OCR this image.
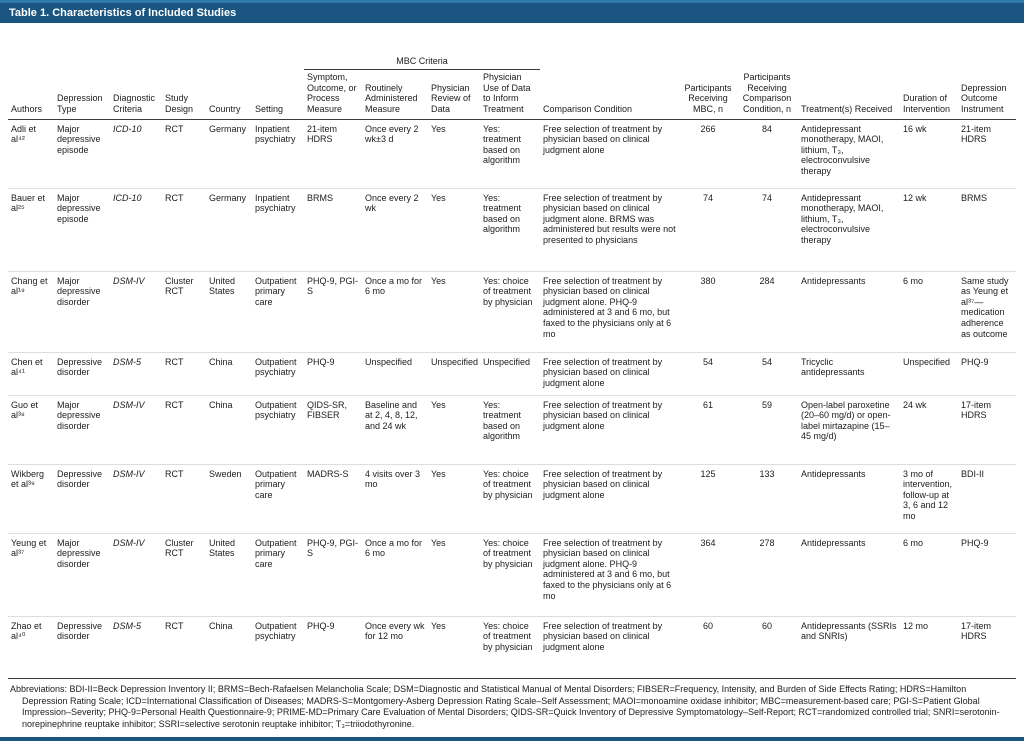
Table 1. Characteristics of Included Studies
Authors	Depression Type	Diagnostic Criteria	Study Design	Country	Setting	MBC Criteria				Comparison Condition	Participants Receiving MBC, n	Participants Receiving Comparison Condition, n	Treatment(s) Received	Duration of Intervention	Depression Outcome Instrument
						Symptom, Outcome, or Process Measure	Routinely Administered Measure	Physician Review of Data	Physician Use of Data to Inform Treatment						
Adli et al⁴²	Major depressive episode	ICD-10	RCT	Germany	Inpatient psychiatry	21-item HDRS	Once every 2 wk±3 d	Yes	Yes: treatment based on algorithm	Free selection of treatment by physician based on clinical judgment alone	266	84	Antidepressant monotherapy, MAOI, lithium, T₃, electroconvulsive therapy	16 wk	21-item HDRS
Bauer et al²⁵	Major depressive episode	ICD-10	RCT	Germany	Inpatient psychiatry	BRMS	Once every 2 wk	Yes	Yes: treatment based on algorithm	Free selection of treatment by physician based on clinical judgment alone. BRMS was administered but results were not presented to physicians	74	74	Antidepressant monotherapy, MAOI, lithium, T₃, electroconvulsive therapy	12 wk	BRMS
Chang et al¹⁹	Major depressive disorder	DSM-IV	Cluster RCT	United States	Outpatient primary care	PHQ-9, PGI-S	Once a mo for 6 mo	Yes	Yes: choice of treatment by physician	Free selection of treatment by physician based on clinical judgment alone. PHQ-9 administered at 3 and 6 mo, but faxed to the physicians only at 6 mo	380	284	Antidepressants	6 mo	Same study as Yeung et al³⁷—medication adherence as outcome
Chen et al⁴¹	Depressive disorder	DSM-5	RCT	China	Outpatient psychiatry	PHQ-9	Unspecified	Unspecified	Unspecified	Free selection of treatment by physician based on clinical judgment alone	54	54	Tricyclic antidepressants	Unspecified	PHQ-9
Guo et al³⁸	Major depressive disorder	DSM-IV	RCT	China	Outpatient psychiatry	QIDS-SR, FIBSER	Baseline and at 2, 4, 8, 12, and 24 wk	Yes	Yes: treatment based on algorithm	Free selection of treatment by physician based on clinical judgment alone	61	59	Open-label paroxetine (20–60 mg/d) or open-label mirtazapine (15–45 mg/d)	24 wk	17-item HDRS
Wikberg et al³⁹	Depressive disorder	DSM-IV	RCT	Sweden	Outpatient primary care	MADRS-S	4 visits over 3 mo	Yes	Yes: choice of treatment by physician	Free selection of treatment by physician based on clinical judgment alone	125	133	Antidepressants	3 mo of intervention, follow-up at 3, 6 and 12 mo	BDI-II
Yeung et al³⁷	Major depressive disorder	DSM-IV	Cluster RCT	United States	Outpatient primary care	PHQ-9, PGI-S	Once a mo for 6 mo	Yes	Yes: choice of treatment by physician	Free selection of treatment by physician based on clinical judgment alone. PHQ-9 administered at 3 and 6 mo, but faxed to the physicians only at 6 mo	364	278	Antidepressants	6 mo	PHQ-9
Zhao et al⁴⁰	Depressive disorder	DSM-5	RCT	China	Outpatient psychiatry	PHQ-9	Once every wk for 12 mo	Yes	Yes: choice of treatment by physician	Free selection of treatment by physician based on clinical judgment alone	60	60	Antidepressants (SSRIs and SNRIs)	12 mo	17-item HDRS
Abbreviations: BDI-II=Beck Depression Inventory II; BRMS=Bech-Rafaelsen Melancholia Scale; DSM=Diagnostic and Statistical Manual of Mental Disorders; FIBSER=Frequency, Intensity, and Burden of Side Effects Rating; HDRS=Hamilton Depression Rating Scale; ICD=International Classification of Diseases; MADRS-S=Montgomery-Asberg Depression Rating Scale–Self Assessment; MAOI=monoamine oxidase inhibitor; MBC=measurement-based care; PGI-S=Patient Global Impression–Severity; PHQ-9=Personal Health Questionnaire-9; PRIME-MD=Primary Care Evaluation of Mental Disorders; QIDS-SR=Quick Inventory of Depressive Symptomatology–Self-Report; RCT=randomized controlled trial; SNRI=serotonin-norepinephrine reuptake inhibitor; SSRI=selective serotonin reuptake inhibitor; T₃=triiodothyronine.
